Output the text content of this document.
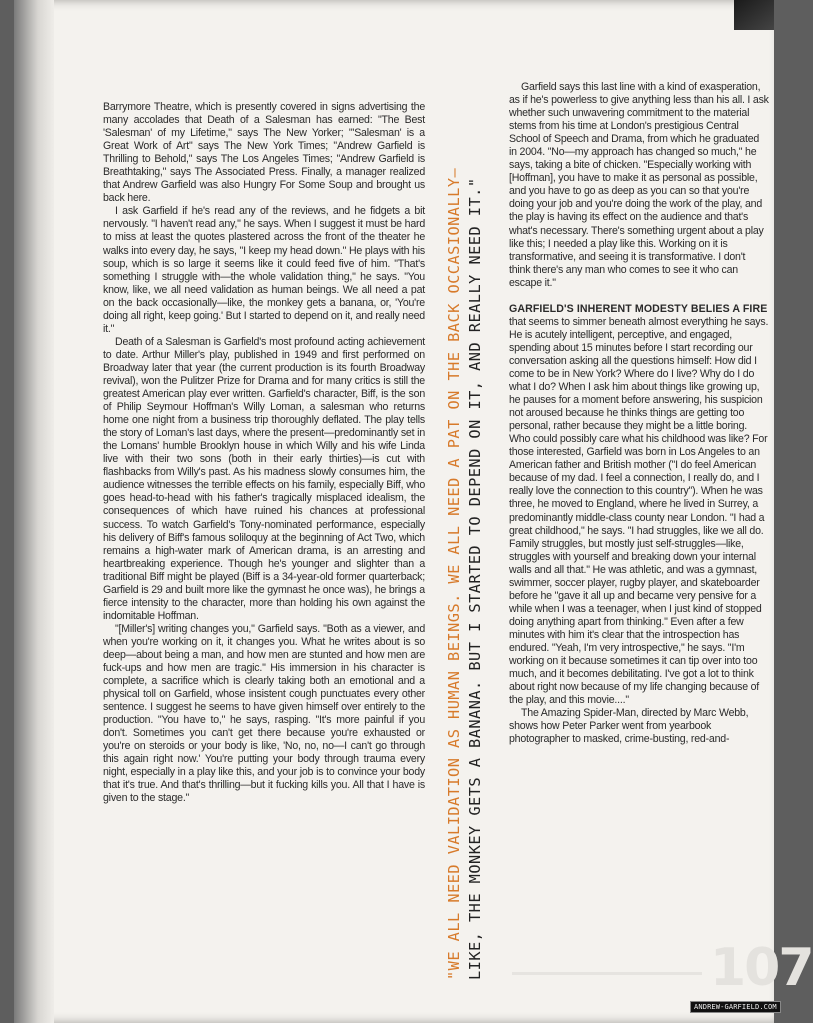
Barrymore Theatre, which is presently covered in signs advertising the many accolades that Death of a Salesman has earned: "The Best 'Salesman' of my Lifetime," says The New Yorker; "'Salesman' is a Great Work of Art" says The New York Times; "Andrew Garfield is Thrilling to Behold," says The Los Angeles Times; "Andrew Garfield is Breathtaking," says The Associated Press. Finally, a manager realized that Andrew Garfield was also Hungry For Some Soup and brought us back here.

I ask Garfield if he's read any of the reviews, and he fidgets a bit nervously. "I haven't read any," he says. When I suggest it must be hard to miss at least the quotes plastered across the front of the theater he walks into every day, he says, "I keep my head down." He plays with his soup, which is so large it seems like it could feed five of him. "That's something I struggle with—the whole validation thing," he says. "You know, like, we all need validation as human beings. We all need a pat on the back occasionally—like, the monkey gets a banana, or, 'You're doing all right, keep going.' But I started to depend on it, and really need it."

Death of a Salesman is Garfield's most profound acting achievement to date. Arthur Miller's play, published in 1949 and first performed on Broadway later that year (the current production is its fourth Broadway revival), won the Pulitzer Prize for Drama and for many critics is still the greatest American play ever written. Garfield's character, Biff, is the son of Philip Seymour Hoffman's Willy Loman, a salesman who returns home one night from a business trip thoroughly deflated. The play tells the story of Loman's last days, where the present—predominantly set in the Lomans' humble Brooklyn house in which Willy and his wife Linda live with their two sons (both in their early thirties)—is cut with flashbacks from Willy's past. As his madness slowly consumes him, the audience witnesses the terrible effects on his family, especially Biff, who goes head-to-head with his father's tragically misplaced idealism, the consequences of which have ruined his chances at professional success. To watch Garfield's Tony-nominated performance, especially his delivery of Biff's famous soliloquy at the beginning of Act Two, which remains a high-water mark of American drama, is an arresting and heartbreaking experience. Though he's younger and slighter than a traditional Biff might be played (Biff is a 34-year-old former quarterback; Garfield is 29 and built more like the gymnast he once was), he brings a fierce intensity to the character, more than holding his own against the indomitable Hoffman.

"[Miller's] writing changes you," Garfield says. "Both as a viewer, and when you're working on it, it changes you. What he writes about is so deep—about being a man, and how men are stunted and how men are fuck-ups and how men are tragic." His immersion in his character is complete, a sacrifice which is clearly taking both an emotional and a physical toll on Garfield, whose insistent cough punctuates every other sentence. I suggest he seems to have given himself over entirely to the production. "You have to," he says, rasping. "It's more painful if you don't. Sometimes you can't get there because you're exhausted or you're on steroids or your body is like, 'No, no, no—I can't go through this again right now.' You're putting your body through trauma every night, especially in a play like this, and your job is to convince your body that it's true. And that's thrilling—but it fucking kills you. All that I have is given to the stage."	"WE ALL NEED VALIDATION AS HUMAN BEINGS. WE ALL NEED A PAT ON THE BACK OCCASIONALLY— LIKE, THE MONKEY GETS A BANANA. BUT I STARTED TO DEPEND ON IT, AND REALLY NEED IT."

Garfield says this last line with a kind of exasperation, as if he's powerless to give anything less than his all. I ask whether such unwavering commitment to the material stems from his time at London's prestigious Central School of Speech and Drama, from which he graduated in 2004. "No—my approach has changed so much," he says, taking a bite of chicken. "Especially working with [Hoffman], you have to make it as personal as possible, and you have to go as deep as you can so that you're doing your job and you're doing the work of the play, and the play is having its effect on the audience and that's what's necessary. There's something urgent about a play like this; I needed a play like this. Working on it is transformative, and seeing it is transformative. I don't think there's any man who comes to see it who can escape it."

GARFIELD'S INHERENT MODESTY BELIES A FIRE that seems to simmer beneath almost everything he says. He is acutely intelligent, perceptive, and engaged, spending about 15 minutes before I start recording our conversation asking all the questions himself: How did I come to be in New York? Where do I live? Why do I do what I do? When I ask him about things like growing up, he pauses for a moment before answering, his suspicion not aroused because he thinks things are getting too personal, rather because they might be a little boring. Who could possibly care what his childhood was like? For those interested, Garfield was born in Los Angeles to an American father and British mother ("I do feel American because of my dad. I feel a connection, I really do, and I really love the connection to this country"). When he was three, he moved to England, where he lived in Surrey, a predominantly middle-class county near London. "I had a great childhood," he says. "I had struggles, like we all do. Family struggles, but mostly just self-struggles—like, struggles with yourself and breaking down your internal walls and all that." He was athletic, and was a gymnast, swimmer, soccer player, rugby player, and skateboarder before he "gave it all up and became very pensive for a while when I was a teenager, when I just kind of stopped doing anything apart from thinking." Even after a few minutes with him it's clear that the introspection has endured. "Yeah, I'm very introspective," he says. "I'm working on it because sometimes it can tip over into too much, and it becomes debilitating. I've got a lot to think about right now because of my life changing because of the play, and this movie...."

The Amazing Spider-Man, directed by Marc Webb, shows how Peter Parker went from yearbook photographer to masked, crime-busting, red-and-

107
ANDREW-GARFIELD.COM
